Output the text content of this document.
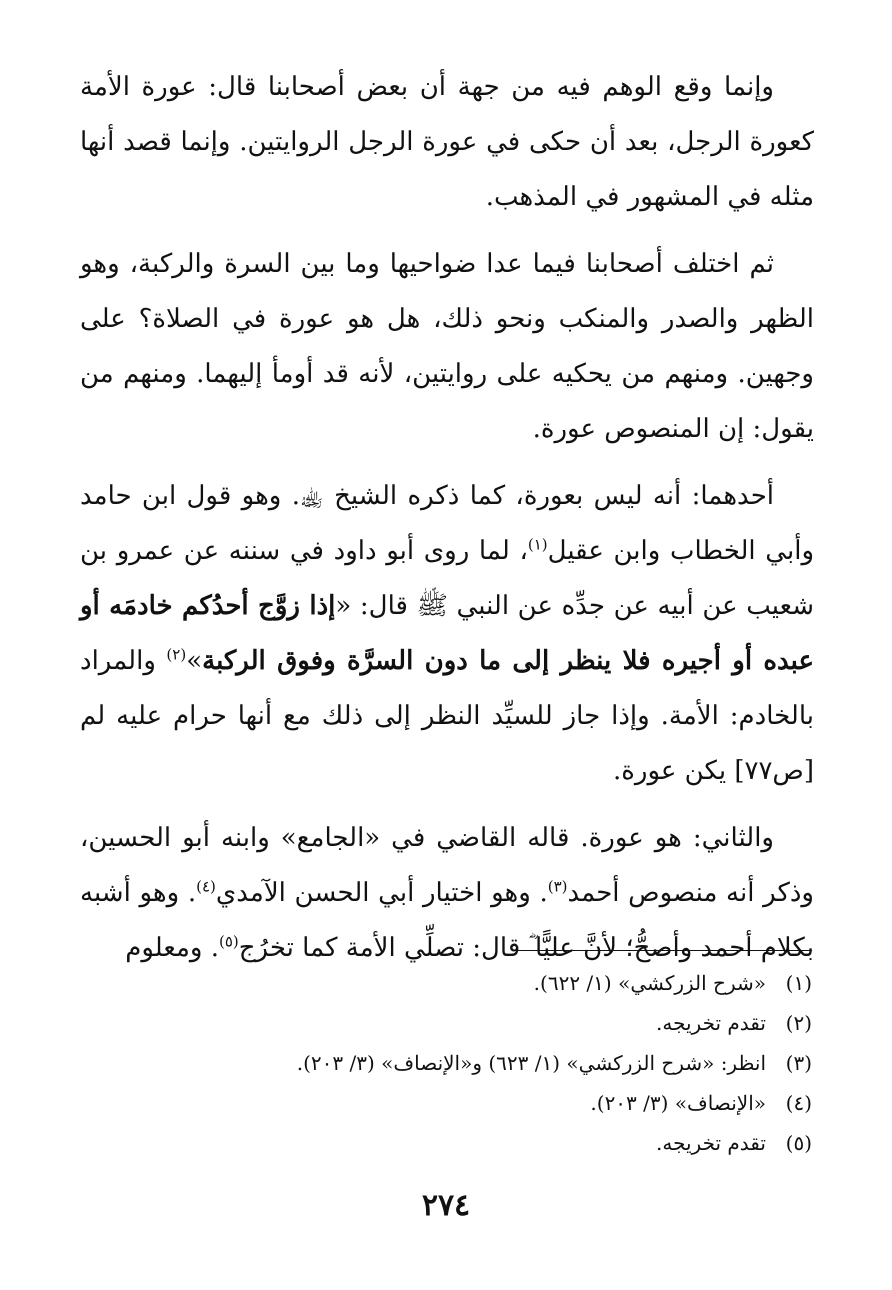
وإنما وقع الوهم فيه من جهة أن بعض أصحابنا قال: عورة الأمة كعورة الرجل، بعد أن حكى في عورة الرجل الروايتين. وإنما قصد أنها مثله في المشهور في المذهب.

ثم اختلف أصحابنا فيما عدا ضواحيها وما بين السرة والركبة، وهو الظهر والصدر والمنكب ونحو ذلك، هل هو عورة في الصلاة؟ على وجهين. ومنهم من يحكيه على روايتين، لأنه قد أومأ إليهما. ومنهم من يقول: إن المنصوص عورة.

أحدهما: أنه ليس بعورة، كما ذكره الشيخ ﵀. وهو قول ابن حامد وأبي الخطاب وابن عقيل$^{(١)}$، لما روى أبو داود في سننه عن عمرو بن شعيب عن أبيه عن جدِّه عن النبي ﷺ قال: «إذا زوَّج أحدُكم خادمَه أو عبده أو أجيره فلا ينظر إلى ما دون السرَّة وفوق الركبة»$^{(٢)}$ والمراد بالخادم: الأمة. وإذا جاز للسيِّد النظر إلى ذلك مع أنها حرام عليه لم [ص٧٧] يكن عورة.

والثاني: هو عورة. قاله القاضي في «الجامع» وابنه أبو الحسين، وذكر أنه منصوص أحمد$^{(٣)}$. وهو اختيار أبي الحسن الآمدي$^{(٤)}$. وهو أشبه بكلام أحمد وأصحُّ؛ لأنَّ عليًّا ؓ قال: تصلِّي الأمة كما تخرُج$^{(٥)}$. ومعلوم

(١)
«شرح الزركشي» (١/ ٦٢٢).
(٢)
تقدم تخريجه.
(٣)
انظر: «شرح الزركشي» (١/ ٦٢٣) و«الإنصاف» (٣/ ٢٠٣).
(٤)
«الإنصاف» (٣/ ٢٠٣).
(٥)
تقدم تخريجه.
٢٧٤
